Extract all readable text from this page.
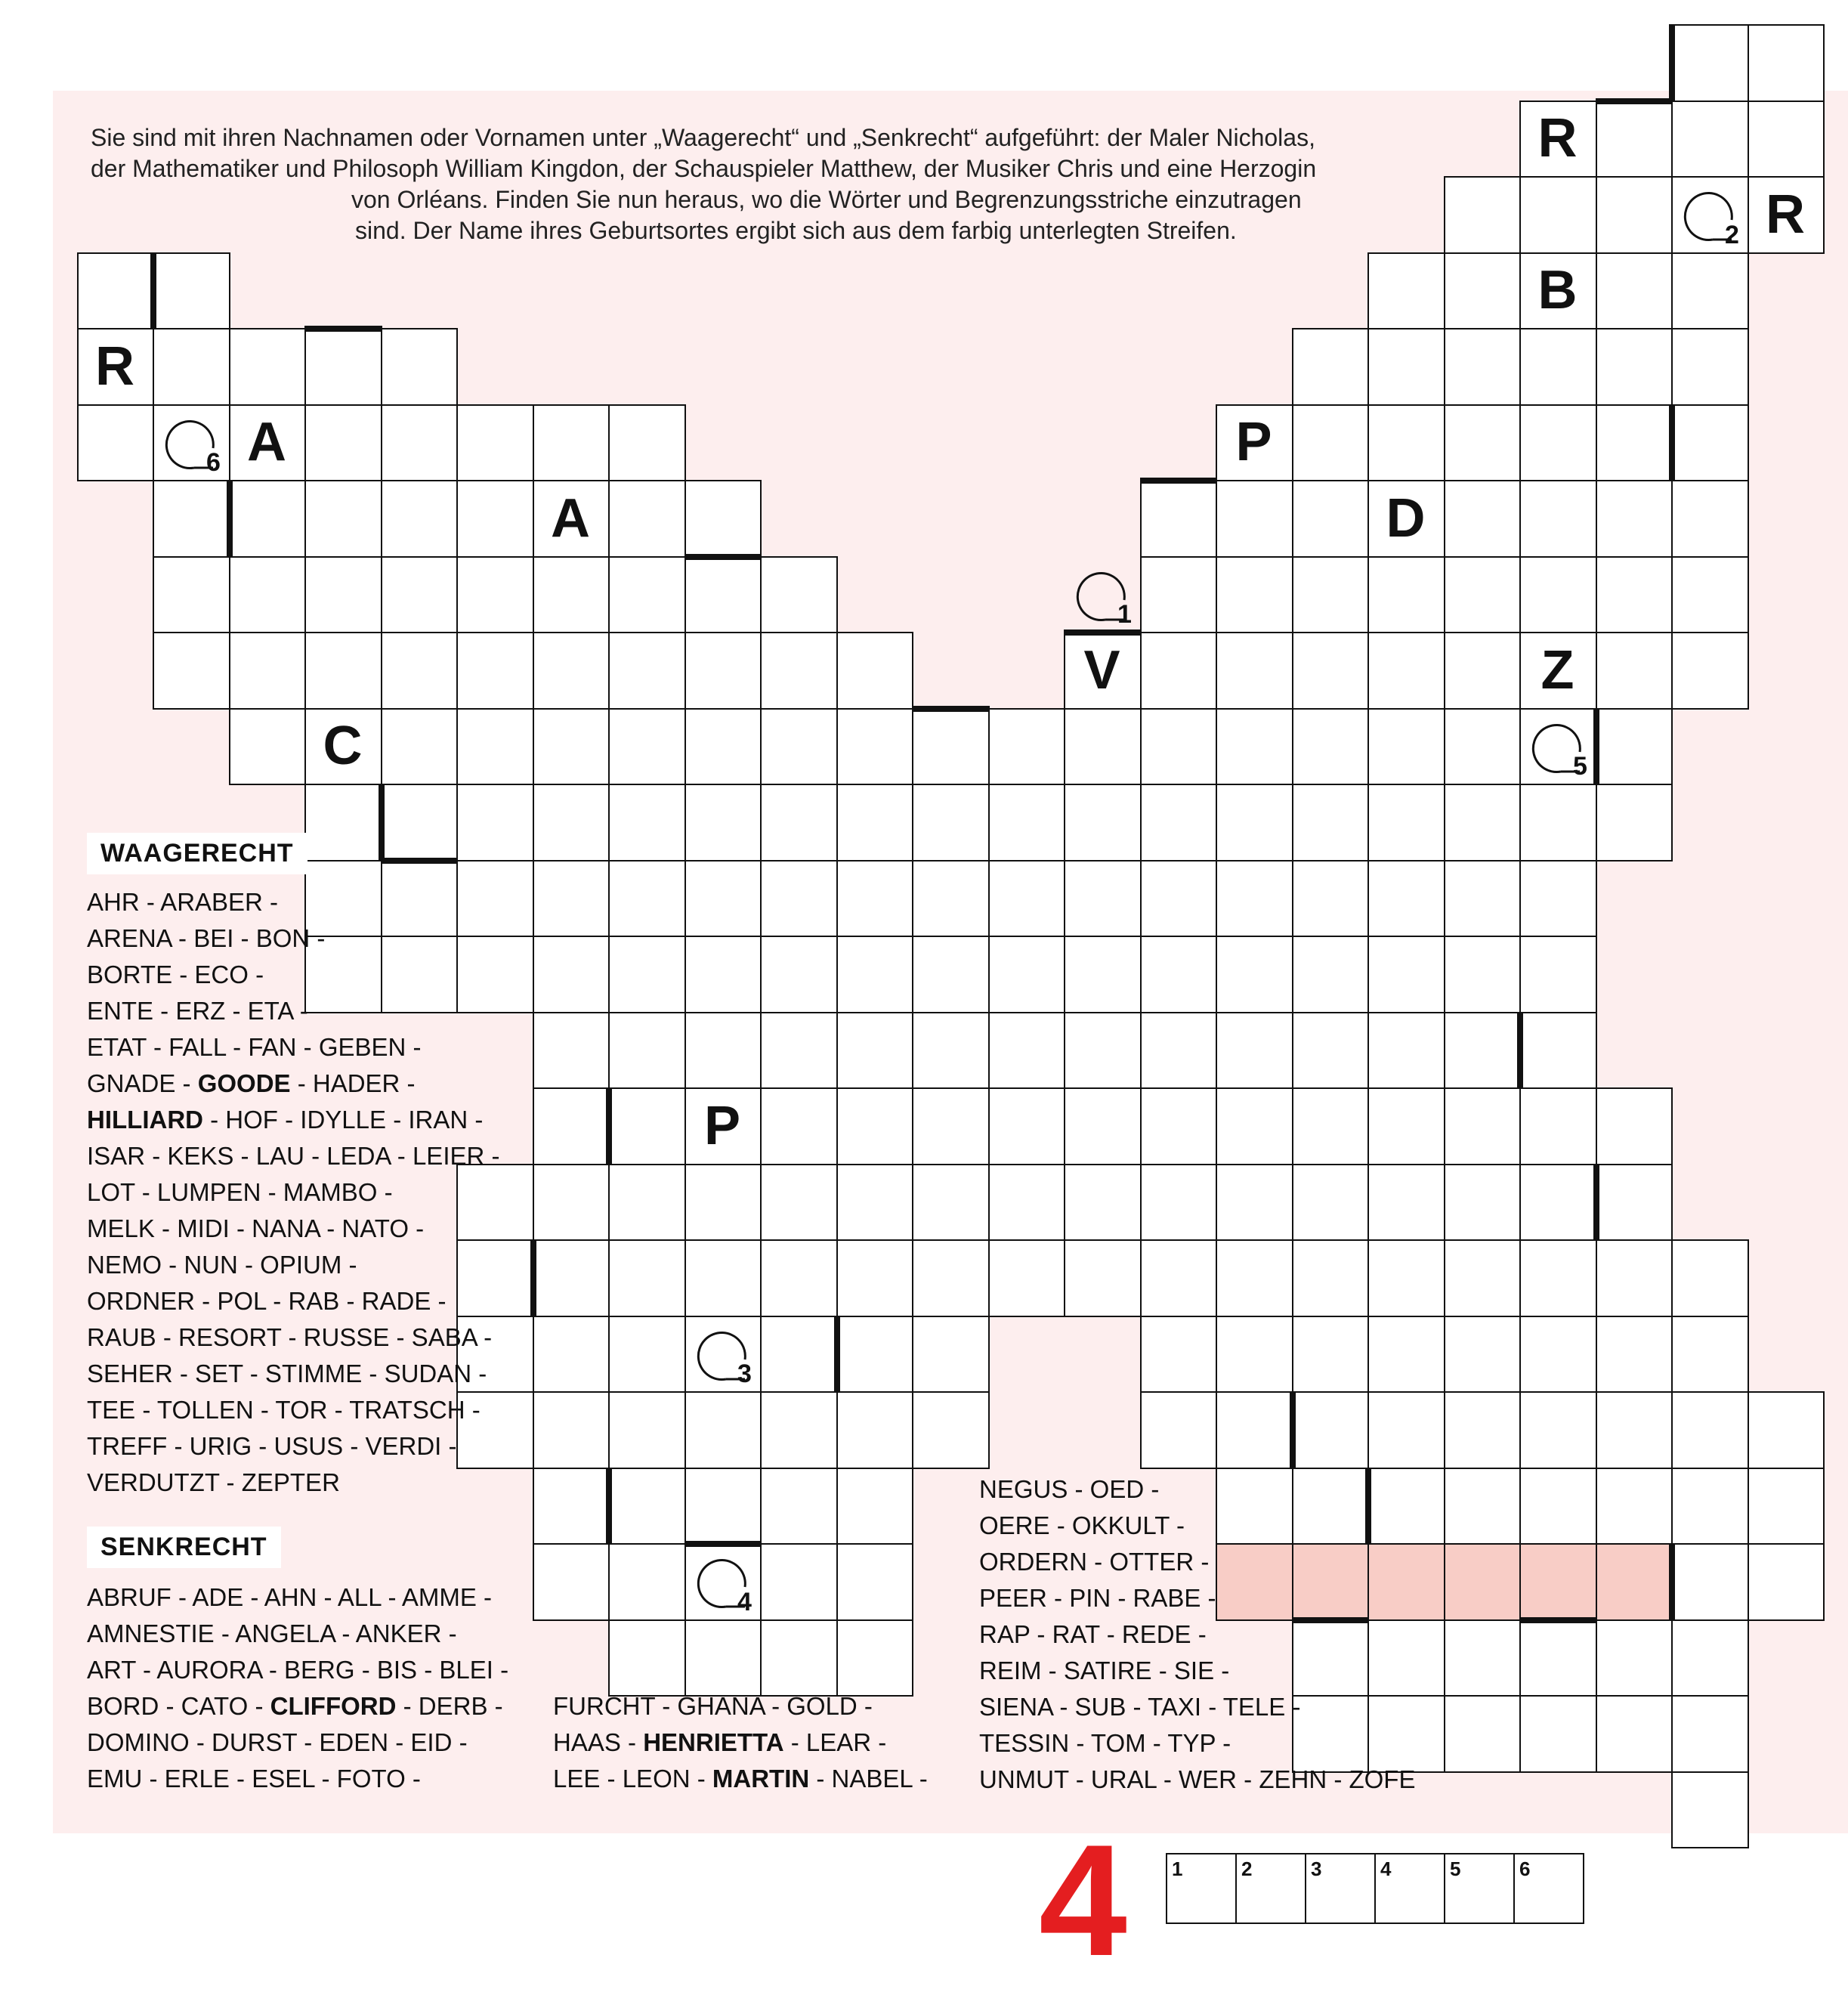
Sie sind mit ihren Nachnamen oder Vornamen unter „Waagerecht“ und „Senkrecht“ aufgeführt: der Maler Nicholas,
der Mathematiker und Philosoph William Kingdon, der Schauspieler Matthew, der Musiker Chris und eine Herzogin
von Orléans. Finden Sie nun heraus, wo die Wörter und Begrenzungsstriche einzutragen
sind. Der Name ihres Geburtsortes ergibt sich aus dem farbig unterlegten Streifen.
R
R
B
R
A	P
A	D
V	Z
C
P
1
2
3
4
5
6
WAAGERECHT
AHR - ARABER -
ARENA - BEI - BON -
BORTE - ECO -
ENTE - ERZ - ETA -
ETAT - FALL - FAN - GEBEN -
GNADE - GOODE - HADER -
HILLIARD - HOF - IDYLLE - IRAN -
ISAR - KEKS - LAU - LEDA - LEIER -
LOT - LUMPEN - MAMBO -
MELK - MIDI - NANA - NATO -
NEMO - NUN - OPIUM -
ORDNER - POL - RAB - RADE -
RAUB - RESORT - RUSSE - SABA -
SEHER - SET - STIMME - SUDAN -
TEE - TOLLEN - TOR - TRATSCH -
TREFF - URIG - USUS - VERDI -
VERDUTZT - ZEPTER
SENKRECHT
ABRUF - ADE - AHN - ALL - AMME -
AMNESTIE - ANGELA - ANKER -
ART - AURORA - BERG - BIS - BLEI -
BORD - CATO - CLIFFORD - DERB -
DOMINO - DURST - EDEN - EID -
EMU - ERLE - ESEL - FOTO -
FURCHT - GHANA - GOLD -
HAAS - HENRIETTA - LEAR -
LEE - LEON - MARTIN - NABEL -
NEGUS - OED -
OERE - OKKULT -
ORDERN - OTTER -
PEER - PIN - RABE -
RAP - RAT - REDE -
REIM - SATIRE - SIE -
SIENA - SUB - TAXI - TELE -
TESSIN - TOM - TYP -
UNMUT - URAL - WER - ZEHN - ZOFE
4 1	2	3	4	5	6
